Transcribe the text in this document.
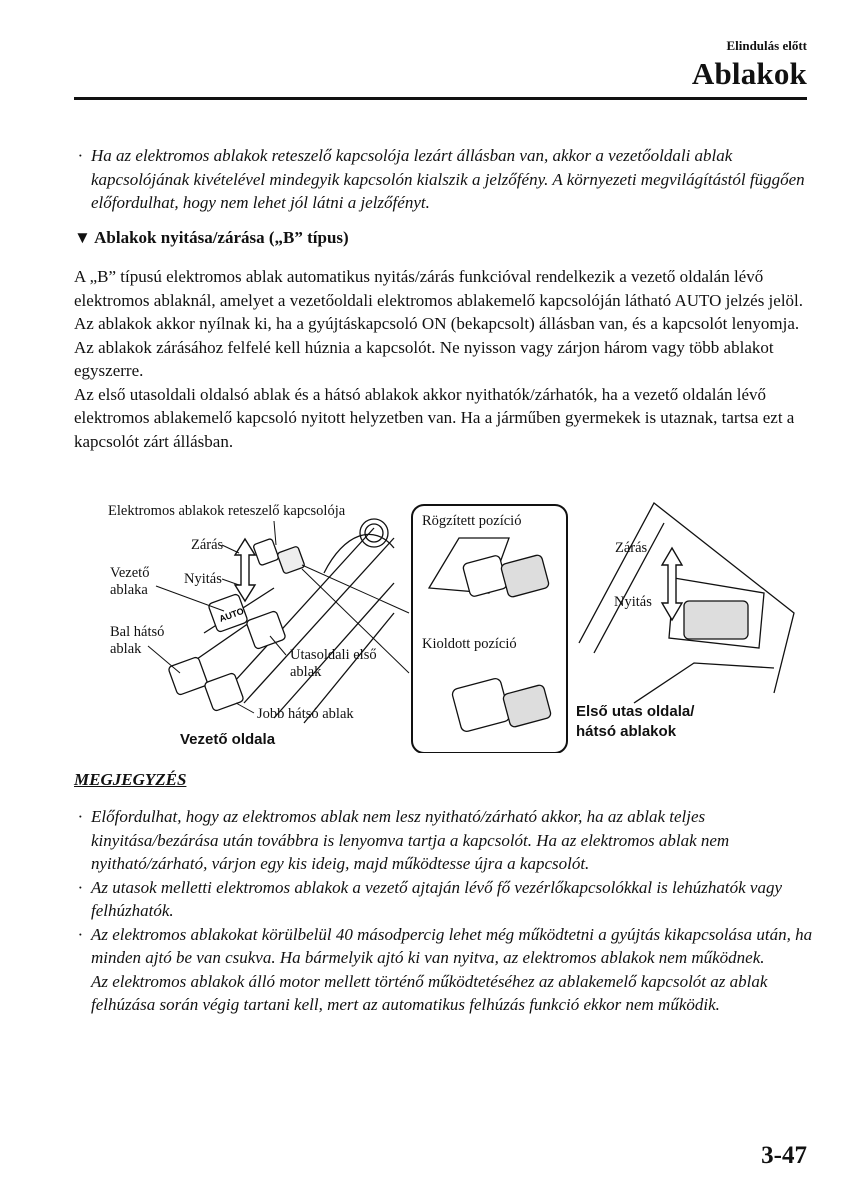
Elindulás előtt
Ablakok
· Ha az elektromos ablakok reteszelő kapcsolója lezárt állásban van, akkor a vezetőoldali ablak kapcsolójának kivételével mindegyik kapcsolón kialszik a jelzőfény. A környezeti megvilágítástól függően előfordulhat, hogy nem lehet jól látni a jelzőfényt.
▼ Ablakok nyitása/zárása („B” típus)

A „B” típusú elektromos ablak automatikus nyitás/zárás funkcióval rendelkezik a vezető oldalán lévő elektromos ablaknál, amelyet a vezetőoldali elektromos ablakemelő kapcsolóján látható AUTO jelzés jelöl.

Az ablakok akkor nyílnak ki, ha a gyújtáskapcsoló ON (bekapcsolt) állásban van, és a kapcsolót lenyomja. Az ablakok zárásához felfelé kell húznia a kapcsolót. Ne nyisson vagy zárjon három vagy több ablakot egyszerre.

Az első utasoldali oldalsó ablak és a hátsó ablakok akkor nyithatók/zárhatók, ha a vezető oldalán lévő elektromos ablakemelő kapcsoló nyitott helyzetben van. Ha a járműben gyermekek is utaznak, tartsa ezt a kapcsolót zárt állásban.

AUTO
Elektromos ablakok reteszelő kapcsolója
Zárás
Vezető
ablaka
Nyitás
Bal hátsó
ablak	Utasoldali első
ablak
Jobb hátsó ablak
Vezető oldala
Rögzített pozíció
Kioldott pozíció
Zárás
Nyitás
Első utas oldala/
hátsó ablakok
MEGJEGYZÉS
· Előfordulhat, hogy az elektromos ablak nem lesz nyitható/zárható akkor, ha az ablak teljes kinyitása/bezárása után továbbra is lenyomva tartja a kapcsolót. Ha az elektromos ablak nem nyitható/zárható, várjon egy kis ideig, majd működtesse újra a kapcsolót.
· Az utasok melletti elektromos ablakok a vezető ajtaján lévő fő vezérlőkapcsolókkal is lehúzhatók vagy felhúzhatók.
· Az elektromos ablakokat körülbelül 40 másodpercig lehet még működtetni a gyújtás kikapcsolása után, ha minden ajtó be van csukva. Ha bármelyik ajtó ki van nyitva, az elektromos ablakok nem működnek.
Az elektromos ablakok álló motor mellett történő működtetéséhez az ablakemelő kapcsolót az ablak felhúzása során végig tartani kell, mert az automatikus felhúzás funkció ekkor nem működik.
3-47
